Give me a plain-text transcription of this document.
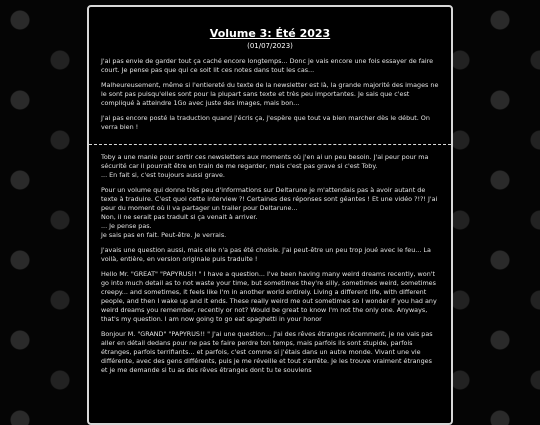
Volume 3: Été 2023
(01/07/2023)

J'ai pas envie de garder tout ça caché encore longtemps... Donc je vais encore une fois essayer de faire court. Je pense pas que qui ce soit lit ces notes dans tout les cas...

Malheureusement, même si l'entiereté du texte de la newsletter est là, la grande majorité des images ne le sont pas puisqu'elles sont pour la plupart sans texte et très peu importantes. Je sais que c'est compliqué à atteindre 1Go avec juste des images, mais bon...

J'ai pas encore posté la traduction quand j'écris ça, j'espère que tout va bien marcher dès le début. On verra bien !

Toby a une manie pour sortir ces newsletters aux moments où j'en ai un peu besoin. J'ai peur pour ma sécurité car il pourrait être en train de me regarder, mais c'est pas grave si c'est Toby.
... En fait si, c'est toujours aussi grave.

Pour un volume qui donne très peu d'informations sur Deltarune je m'attendais pas à avoir autant de texte à traduire. C'est quoi cette interview ?! Certaines des réponses sont géantes ! Et une vidéo ?!?! J'ai peur du moment où il va partager un trailer pour Deltarune...
Non, il ne serait pas traduit si ça venait à arriver.
... Je pense pas.
Je sais pas en fait. Peut-être. Je verrais.

J'avais une question aussi, mais elle n'a pas été choisie. J'ai peut-être un peu trop joué avec le feu... La voilà, entière, en version originale puis traduite !

Hello Mr. "GREAT" "PAPYRUS!! " I have a question... I've been having many weird dreams recently, won't go into much detail as to not waste your time, but sometimes they're silly, sometimes weird, sometimes creepy... and sometimes, it feels like I'm in another world entirely. Living a different life, with different people, and then I wake up and it ends. These really weird me out sometimes so I wonder if you had any weird dreams you remember, recently or not? Would be great to know I'm not the only one. Anyways, that's my question. I am now going to go eat spaghetti in your honor

Bonjour M. "GRAND" "PAPYRUS!! " J'ai une question... J'ai des rêves étranges récemment, je ne vais pas aller en détail dedans pour ne pas te faire perdre ton temps, mais parfois ils sont stupide, parfois étranges, parfois terrifiants... et parfois, c'est comme si j'étais dans un autre monde. Vivant une vie différente, avec des gens différents, puis je me réveille et tout s'arrête. Je les trouve vraiment étranges et je me demande si tu as des rêves étranges dont tu te souviens
